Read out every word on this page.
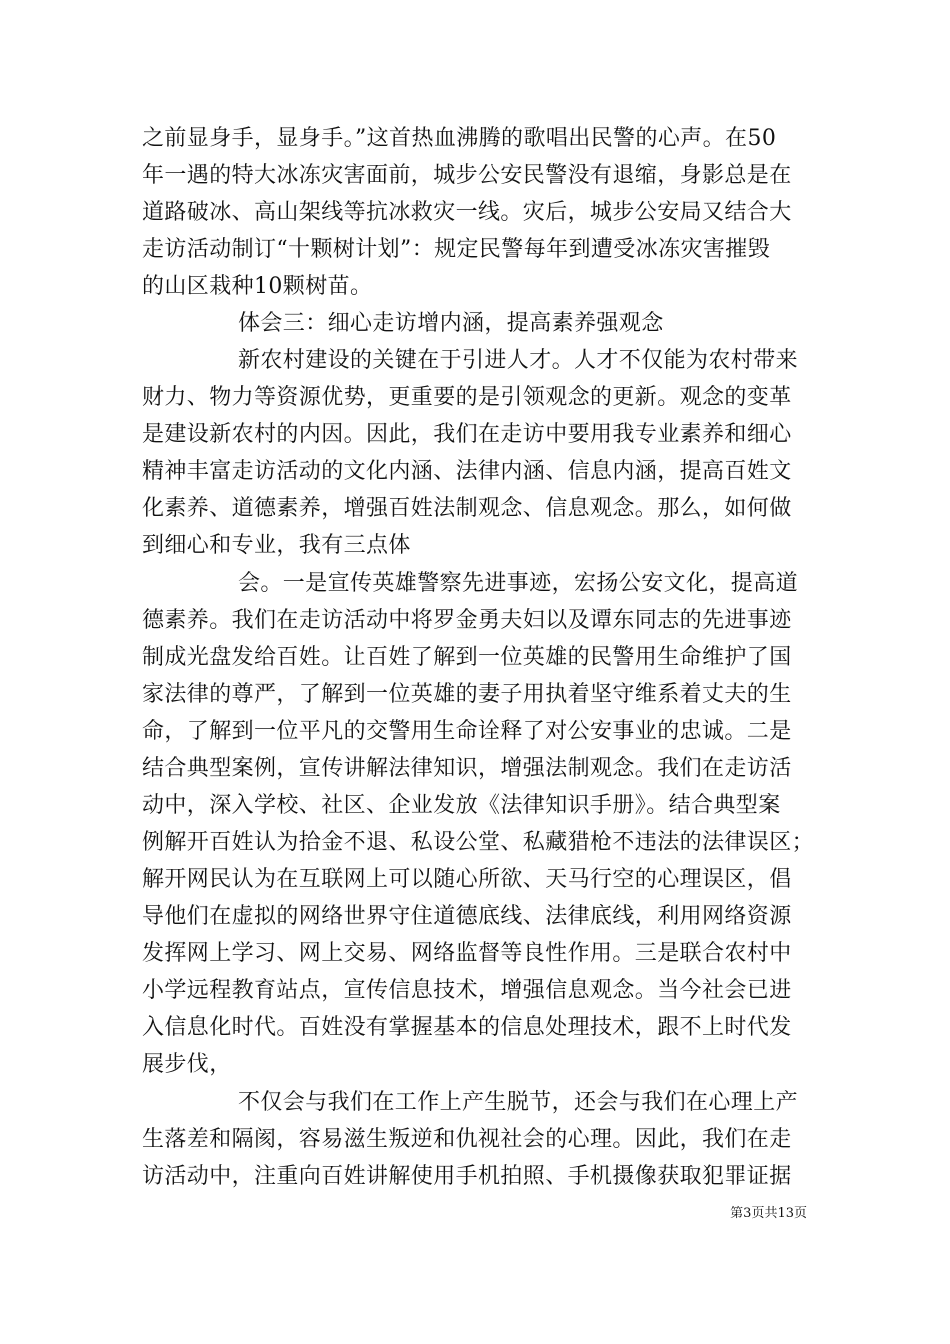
之前显身手，显身手。”这首热血沸腾的歌唱出民警的心声。在50
年一遇的特大冰冻灾害面前，城步公安民警没有退缩，身影总是在
道路破冰、高山架线等抗冰救灾一线。灾后，城步公安局又结合大
走访活动制订“十颗树计划”：规定民警每年到遭受冰冻灾害摧毁
的山区栽种10颗树苗。
体会三：细心走访增内涵，提高素养强观念
新农村建设的关键在于引进人才。人才不仅能为农村带来
财力、物力等资源优势，更重要的是引领观念的更新。观念的变革
是建设新农村的内因。因此，我们在走访中要用我专业素养和细心
精神丰富走访活动的文化内涵、法律内涵、信息内涵，提高百姓文
化素养、道德素养，增强百姓法制观念、信息观念。那么，如何做
到细心和专业，我有三点体
会。一是宣传英雄警察先进事迹，宏扬公安文化，提高道
德素养。我们在走访活动中将罗金勇夫妇以及谭东同志的先进事迹
制成光盘发给百姓。让百姓了解到一位英雄的民警用生命维护了国
家法律的尊严，了解到一位英雄的妻子用执着坚守维系着丈夫的生
命，了解到一位平凡的交警用生命诠释了对公安事业的忠诚。二是
结合典型案例，宣传讲解法律知识，增强法制观念。我们在走访活
动中，深入学校、社区、企业发放《法律知识手册》。结合典型案
例解开百姓认为拾金不退、私设公堂、私藏猎枪不违法的法律误区；
解开网民认为在互联网上可以随心所欲、天马行空的心理误区，倡
导他们在虚拟的网络世界守住道德底线、法律底线，利用网络资源
发挥网上学习、网上交易、网络监督等良性作用。三是联合农村中
小学远程教育站点，宣传信息技术，增强信息观念。当今社会已进
入信息化时代。百姓没有掌握基本的信息处理技术，跟不上时代发
展步伐，
不仅会与我们在工作上产生脱节，还会与我们在心理上产
生落差和隔阂，容易滋生叛逆和仇视社会的心理。因此，我们在走
访活动中，注重向百姓讲解使用手机拍照、手机摄像获取犯罪证据
第3页共13页
